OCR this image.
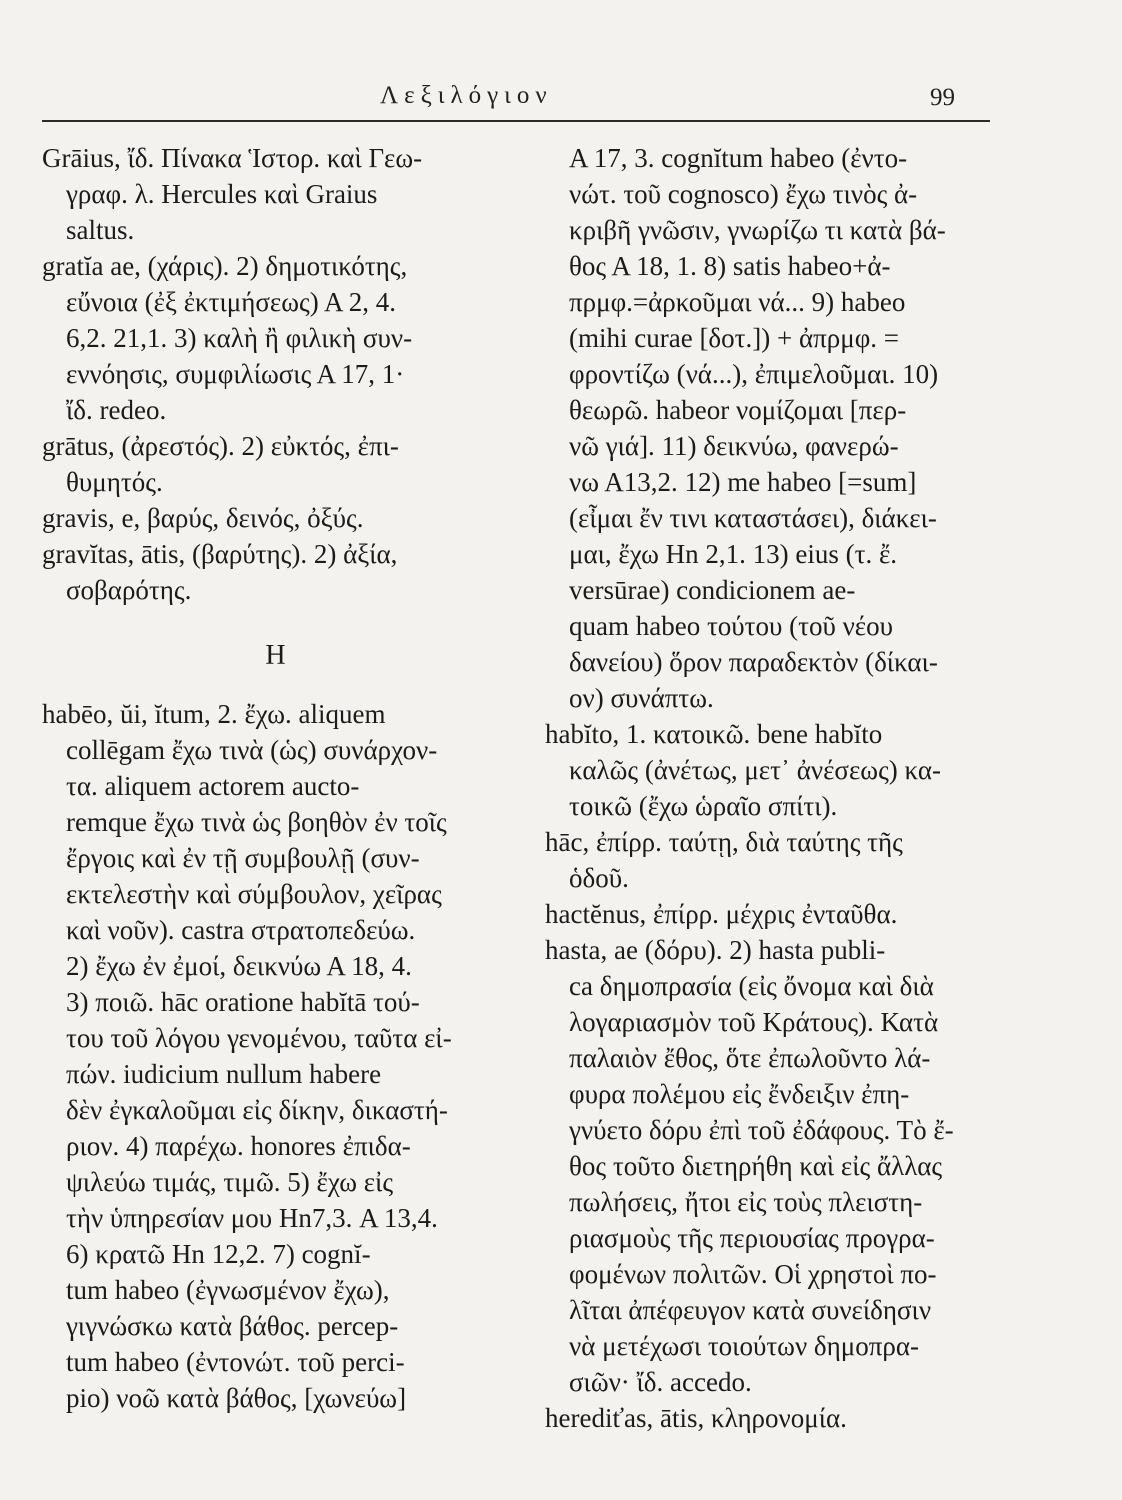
Λεξιλόγιον	99
Grāius, ἴδ. Πίνακα Ἱστορ. καὶ Γεω-
γραφ. λ. Hercules καὶ Graius
saltus.
gratĭa ae, (χάρις). 2) δημοτικότης,
εὔνοια (ἐξ ἐκτιμήσεως) Α 2, 4.
6,2. 21,1. 3) καλὴ ἢ φιλικὴ συν-
εννόησις, συμφιλίωσις Α 17, 1·
ἴδ. redeo.
grātus, (ἀρεστός). 2) εὐκτός, ἐπι-
θυμητός.
gravis, e, βαρύς, δεινός, ὀξύς.
gravĭtas, ātis, (βαρύτης). 2) ἀξία,
σοβαρότης.
Η
habēo, ŭi, ĭtum, 2. ἔχω. aliquem
collēgam ἔχω τινὰ (ὡς) συνάρχον-
τα. aliquem actorem aucto-
remque ἔχω τινὰ ὡς βοηθὸν ἐν τοῖς
ἔργοις καὶ ἐν τῇ συμβουλῇ (συν-
εκτελεστὴν καὶ σύμβουλον, χεῖρας
καὶ νοῦν). castra στρατοπεδεύω.
2) ἔχω ἐν ἐμοί, δεικνύω Α 18, 4.
3) ποιῶ. hāc oratione habĭtā τού-
του τοῦ λόγου γενομένου, ταῦτα εἰ-
πών. iudicium nullum habere
δὲν ἐγκαλοῦμαι εἰς δίκην, δικαστή-
ριον. 4) παρέχω. honores ἐπιδα-
ψιλεύω τιμάς, τιμῶ. 5) ἔχω εἰς
τὴν ὑπηρεσίαν μου Ηn7,3. Α 13,4.
6) κρατῶ Ηn 12,2. 7) cognĭ-
tum habeo (ἐγνωσμένον ἔχω),
γιγνώσκω κατὰ βάθος. percep-
tum habeo (ἐντονώτ. τοῦ perci-
pio) νοῶ κατὰ βάθος, [χωνεύω]
Α 17, 3. cognĭtum habeo (ἐντο-
νώτ. τοῦ cognosco) ἔχω τινὸς ἀ-
κριβῆ γνῶσιν, γνωρίζω τι κατὰ βά-
θος Α 18, 1. 8) satis habeo+ἀ-
πρμφ.=ἀρκοῦμαι νά... 9) habeo
(mihi curae [δοτ.]) + ἀπρμφ. =
φροντίζω (νά...), ἐπιμελοῦμαι. 10)
θεωρῶ. habeor νομίζομαι [περ-
νῶ γιά]. 11) δεικνύω, φανερώ-
νω Α13,2. 12) me habeo [=sum]
(εἶμαι ἔν τινι καταστάσει), διάκει-
μαι, ἔχω Ηn 2,1. 13) eius (τ. ἔ.
versūrae) condicionem ae-
quam habeo τούτου (τοῦ νέου
δανείου) ὅρον παραδεκτὸν (δίκαι-
ον) συνάπτω.
habĭto, 1. κατοικῶ. bene habĭto
καλῶς (ἀνέτως, μετ᾽ ἀνέσεως) κα-
τοικῶ (ἔχω ὡραῖο σπίτι).
hāc, ἐπίρρ. ταύτῃ, διὰ ταύτης τῆς
ὁδοῦ.
hactĕnus, ἐπίρρ. μέχρις ἐνταῦθα.
hasta, ae (δόρυ). 2) hasta publi-
ca δημοπρασία (εἰς ὄνομα καὶ διὰ
λογαριασμὸν τοῦ Κράτους). Κατὰ
παλαιὸν ἔθος, ὅτε ἐπωλοῦντο λά-
φυρα πολέμου εἰς ἔνδειξιν ἐπη-
γνύετο δόρυ ἐπὶ τοῦ ἐδάφους. Τὸ ἔ-
θος τοῦτο διετηρήθη καὶ εἰς ἄλλας
πωλήσεις, ἤτοι εἰς τοὺς πλειστη-
ριασμοὺς τῆς περιουσίας προγρα-
φομένων πολιτῶν. Οἱ χρηστοὶ πο-
λῖται ἀπέφευγον κατὰ συνείδησιν
νὰ μετέχωσι τοιούτων δημοπρα-
σιῶν· ἴδ. accedo.
herediťas, ātis, κληρονομία.
